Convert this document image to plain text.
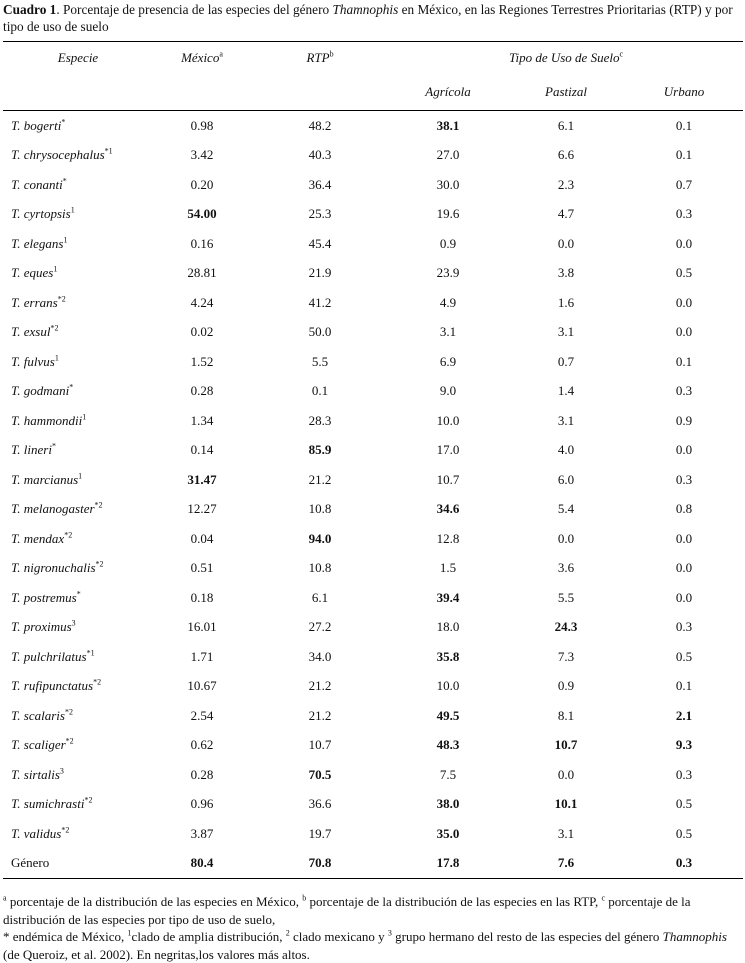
Cuadro 1. Porcentaje de presencia de las especies del género Thamnophis en México, en las Regiones Terrestres Prioritarias (RTP) y por tipo de uso de suelo
Especie	México$^a$	RTP$^b$	Tipo de Uso de Suelo$^c$
			Agrícola	Pastizal	Urbano
T. bogerti*	0.98	48.2	38.1	6.1	0.1
T. chrysocephalus$^{*1}$	3.42	40.3	27.0	6.6	0.1
T. conanti*	0.20	36.4	30.0	2.3	0.7
T. cyrtopsis$^1$	54.00	25.3	19.6	4.7	0.3
T. elegans$^1$	0.16	45.4	0.9	0.0	0.0
T. eques$^1$	28.81	21.9	23.9	3.8	0.5
T. errans$^{*2}$	4.24	41.2	4.9	1.6	0.0
T. exsul$^{*2}$	0.02	50.0	3.1	3.1	0.0
T. fulvus$^1$	1.52	5.5	6.9	0.7	0.1
T. godmani*	0.28	0.1	9.0	1.4	0.3
T. hammondii$^1$	1.34	28.3	10.0	3.1	0.9
T. lineri*	0.14	85.9	17.0	4.0	0.0
T. marcianus$^1$	31.47	21.2	10.7	6.0	0.3
T. melanogaster$^{*2}$	12.27	10.8	34.6	5.4	0.8
T. mendax$^{*2}$	0.04	94.0	12.8	0.0	0.0
T. nigronuchalis$^{*2}$	0.51	10.8	1.5	3.6	0.0
T. postremus*	0.18	6.1	39.4	5.5	0.0
T. proximus$^3$	16.01	27.2	18.0	24.3	0.3
T. pulchrilatus$^{*1}$	1.71	34.0	35.8	7.3	0.5
T. rufipunctatus$^{*2}$	10.67	21.2	10.0	0.9	0.1
T. scalaris$^{*2}$	2.54	21.2	49.5	8.1	2.1
T. scaliger$^{*2}$	0.62	10.7	48.3	10.7	9.3
T. sirtalis$^3$	0.28	70.5	7.5	0.0	0.3
T. sumichrasti$^{*2}$	0.96	36.6	38.0	10.1	0.5
T. validus$^{*2}$	3.87	19.7	35.0	3.1	0.5
Género	80.4	70.8	17.8	7.6	0.3
$^a$ porcentaje de la distribución de las especies en México, $^b$ porcentaje de la distribución de las especies en las RTP, $^c$ porcentaje de la distribución de las especies por tipo de uso de suelo,
* endémica de México, $^1$clado de amplia distribución, $^2$ clado mexicano y $^3$ grupo hermano del resto de las especies del género Thamnophis (de Queroiz, et al. 2002). En negritas,los valores más altos.
